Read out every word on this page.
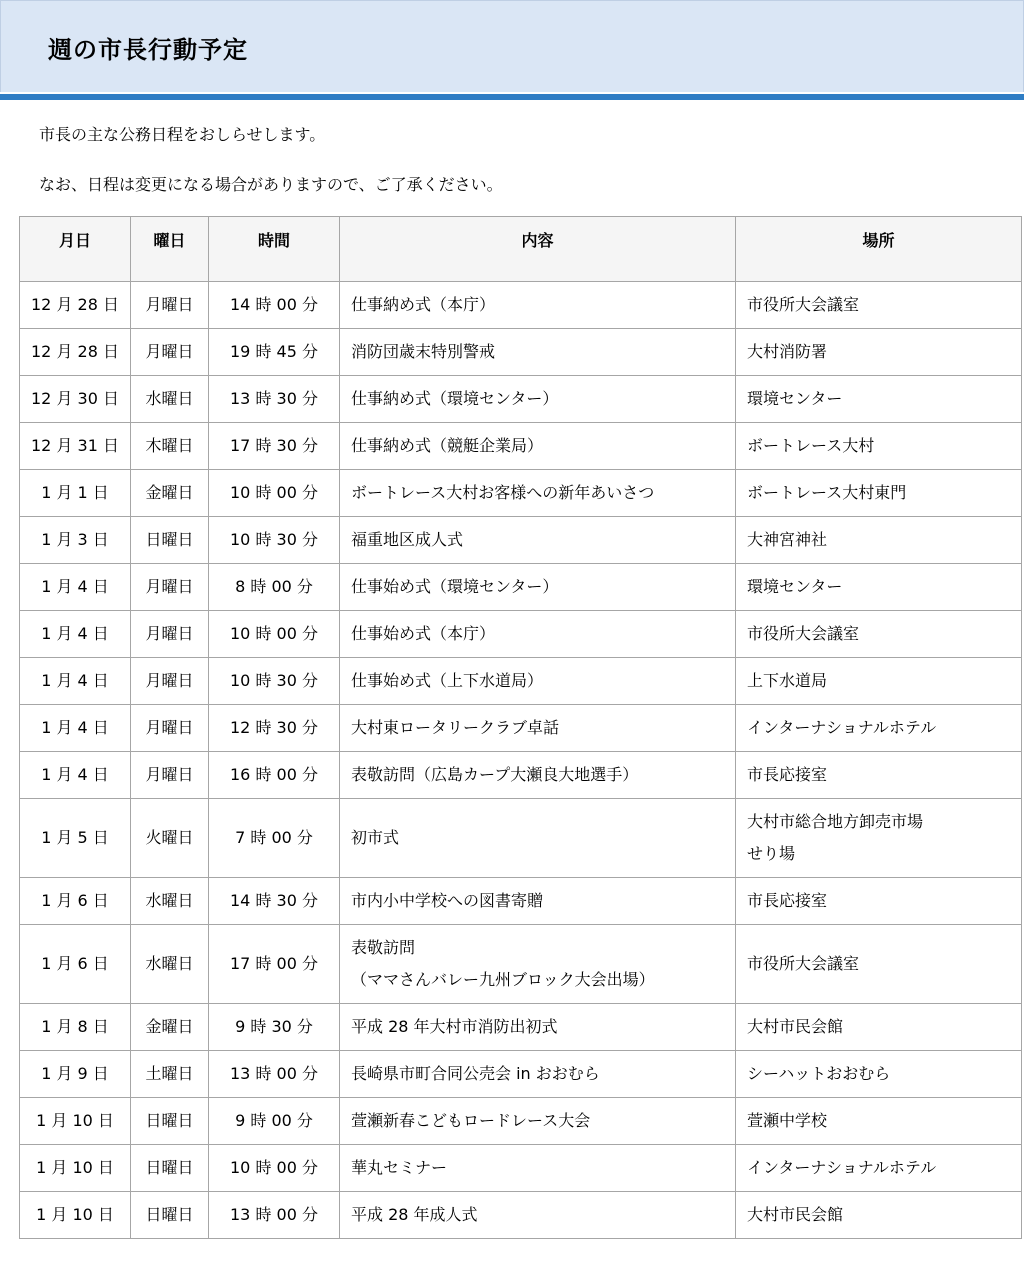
週の市長行動予定

市長の主な公務日程をおしらせします。

なお、日程は変更になる場合がありますので、ご了承ください。

月日	曜日	時間	内容	場所
12 月 28 日	月曜日	14 時 00 分	仕事納め式（本庁）	市役所大会議室

12 月 28 日	月曜日	19 時 45 分	消防団歳末特別警戒	大村消防署

12 月 30 日	水曜日	13 時 30 分	仕事納め式（環境センター）	環境センター

12 月 31 日	木曜日	17 時 30 分	仕事納め式（競艇企業局）	ボートレース大村

1 月 1 日	金曜日	10 時 00 分	ボートレース大村お客様への新年あいさつ	ボートレース大村東門

1 月 3 日	日曜日	10 時 30 分	福重地区成人式	大神宮神社

1 月 4 日	月曜日	8 時 00 分	仕事始め式（環境センター）	環境センター

1 月 4 日	月曜日	10 時 00 分	仕事始め式（本庁）	市役所大会議室

1 月 4 日	月曜日	10 時 30 分	仕事始め式（上下水道局）	上下水道局

1 月 4 日	月曜日	12 時 30 分	大村東ロータリークラブ卓話	インターナショナルホテル

1 月 4 日	月曜日	16 時 00 分	表敬訪問（広島カープ大瀬良大地選手）	市長応接室

1 月 5 日	火曜日	7 時 00 分	初市式	大村市総合地方卸売市場
せり場

1 月 6 日	水曜日	14 時 30 分	市内小中学校への図書寄贈	市長応接室

1 月 6 日	水曜日	17 時 00 分	表敬訪問
（ママさんバレー九州ブロック大会出場）	市役所大会議室

1 月 8 日	金曜日	9 時 30 分	平成 28 年大村市消防出初式	大村市民会館

1 月 9 日	土曜日	13 時 00 分	長崎県市町合同公売会 in おおむら	シーハットおおむら

1 月 10 日	日曜日	9 時 00 分	萱瀬新春こどもロードレース大会	萱瀬中学校

1 月 10 日	日曜日	10 時 00 分	華丸セミナー	インターナショナルホテル

1 月 10 日	日曜日	13 時 00 分	平成 28 年成人式	大村市民会館
